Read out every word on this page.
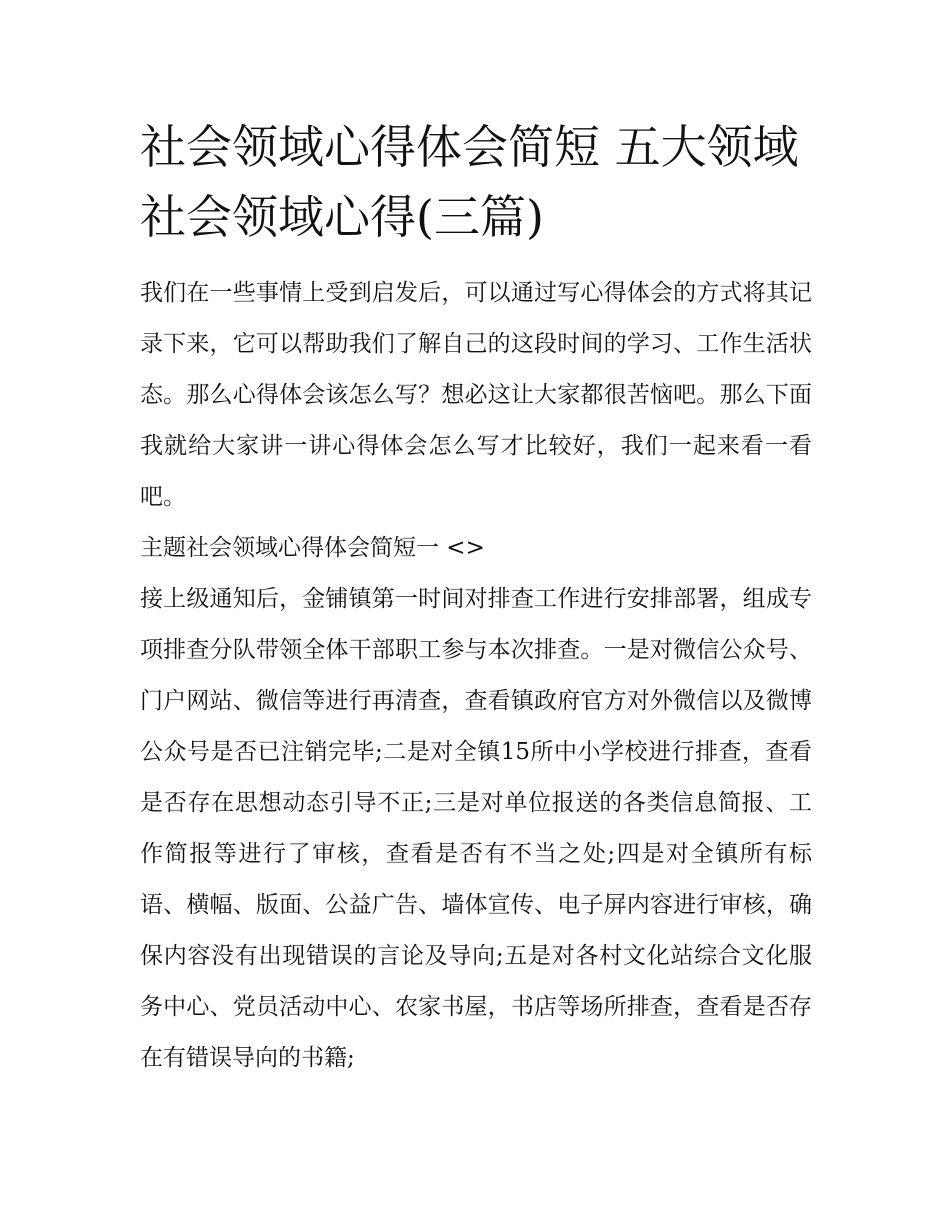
社会领域心得体会简短 五大领域社会领域心得(三篇)

我们在一些事情上受到启发后，可以通过写心得体会的方式将其记录下来，它可以帮助我们了解自己的这段时间的学习、工作生活状态。那么心得体会该怎么写？想必这让大家都很苦恼吧。那么下面我就给大家讲一讲心得体会怎么写才比较好，我们一起来看一看吧。

主题社会领域心得体会简短一 <>

接上级通知后，金铺镇第一时间对排查工作进行安排部署，组成专项排查分队带领全体干部职工参与本次排查。一是对微信公众号、门户网站、微信等进行再清查，查看镇政府官方对外微信以及微博公众号是否已注销完毕;二是对全镇15所中小学校进行排查，查看是否存在思想动态引导不正;三是对单位报送的各类信息简报、工作简报等进行了审核，查看是否有不当之处;四是对全镇所有标语、横幅、版面、公益广告、墙体宣传、电子屏内容进行审核，确保内容没有出现错误的言论及导向;五是对各村文化站综合文化服务中心、党员活动中心、农家书屋，书店等场所排查，查看是否存在有错误导向的书籍;
